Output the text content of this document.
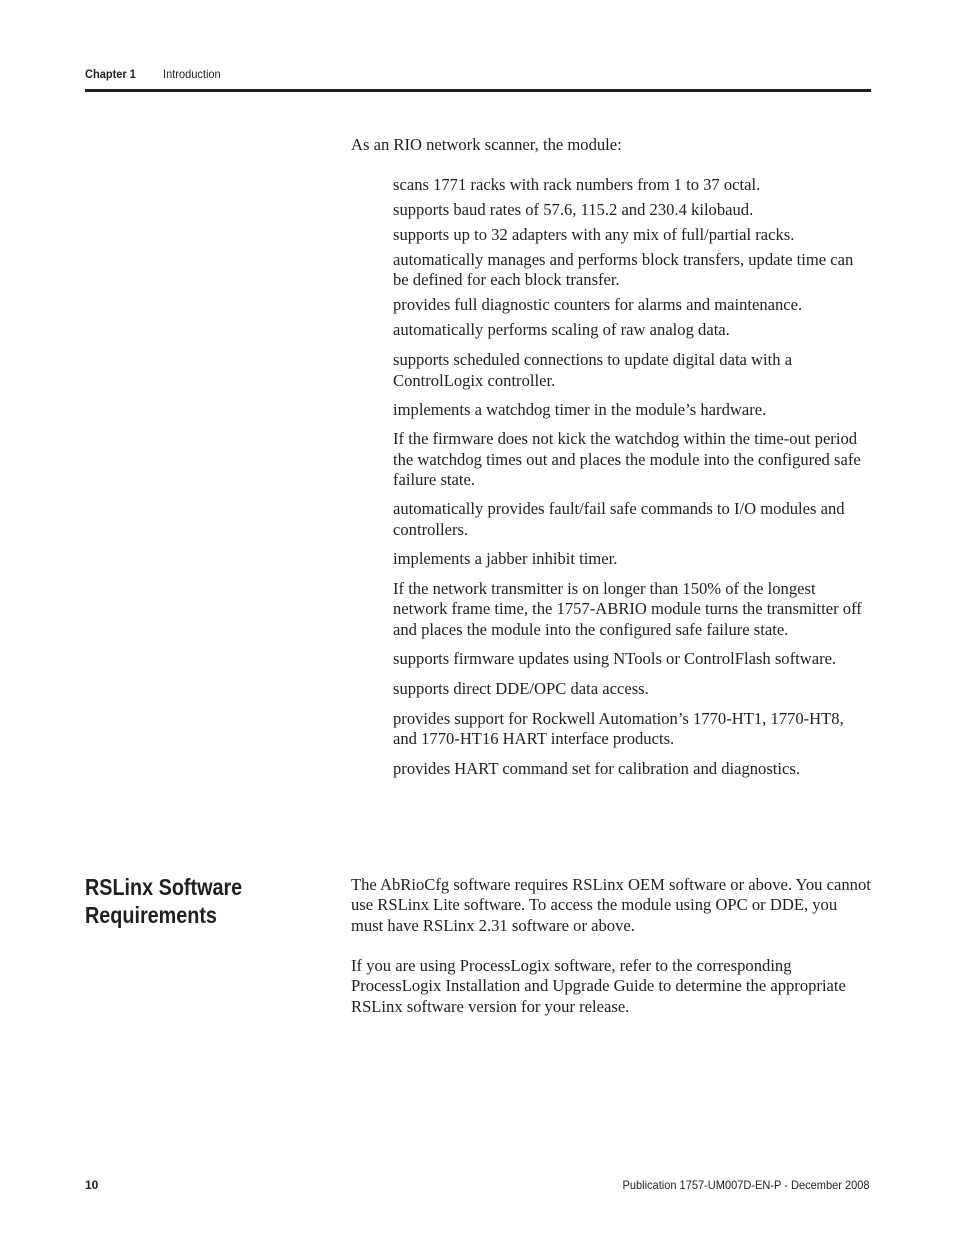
Chapter 1 Introduction

As an RIO network scanner, the module:

scans 1771 racks with rack numbers from 1 to 37 octal.
supports baud rates of 57.6, 115.2 and 230.4 kilobaud.
supports up to 32 adapters with any mix of full/partial racks.
automatically manages and performs block transfers, update time can be defined for each block transfer.
provides full diagnostic counters for alarms and maintenance.
automatically performs scaling of raw analog data.
supports scheduled connections to update digital data with a ControlLogix controller.
implements a watchdog timer in the module’s hardware.
If the firmware does not kick the watchdog within the time-out period the watchdog times out and places the module into the configured safe failure state.
automatically provides fault/fail safe commands to I/O modules and controllers.
implements a jabber inhibit timer.
If the network transmitter is on longer than 150% of the longest network frame time, the 1757-ABRIO module turns the transmitter off and places the module into the configured safe failure state.
supports firmware updates using NTools or ControlFlash software.
supports direct DDE/OPC data access.
provides support for Rockwell Automation’s 1770-HT1, 1770-HT8, and 1770-HT16 HART interface products.
provides HART command set for calibration and diagnostics.
RSLinx Software Requirements

The AbRioCfg software requires RSLinx OEM software or above. You cannot use RSLinx Lite software. To access the module using OPC or DDE, you must have RSLinx 2.31 software or above.

If you are using ProcessLogix software, refer to the corresponding ProcessLogix Installation and Upgrade Guide to determine the appropriate RSLinx software version for your release.

10	Publication 1757-UM007D-EN-P - December 2008
